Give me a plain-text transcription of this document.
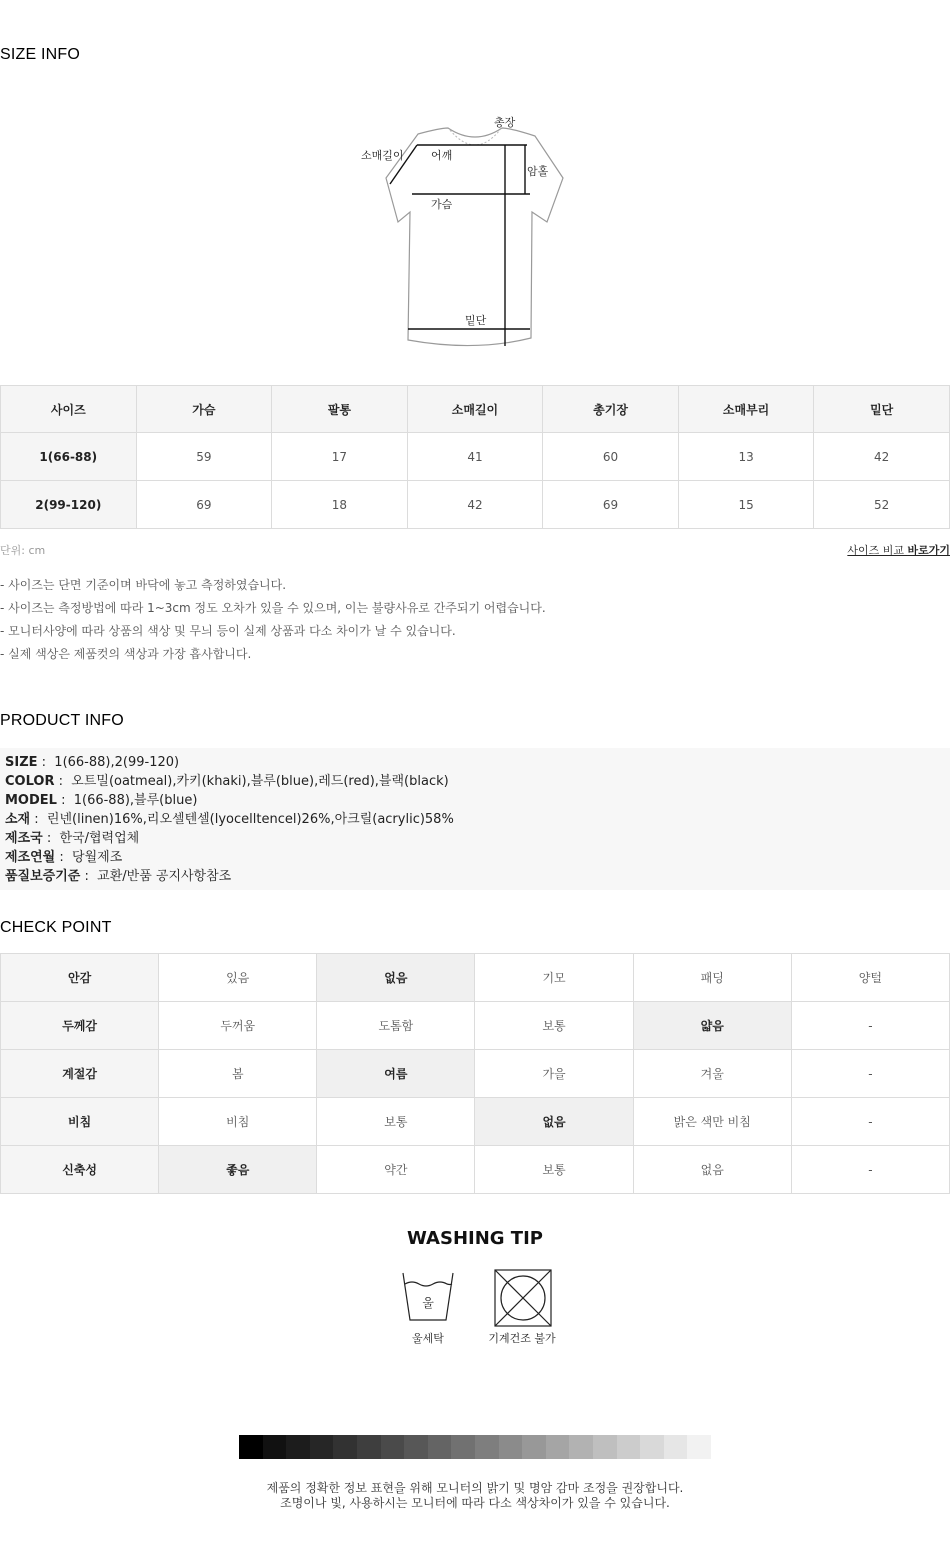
SIZE INFO
총장
소매길이 어깨
암홀
가슴
밑단
사이즈	가슴	팔통	소매길이	총기장	소매부리	밑단
1(66-88)	59	17	41	60	13	42
2(99-120)	69	18	42	69	15	52
단위: cm	사이즈 비교 바로가기
- 사이즈는 단면 기준이며 바닥에 놓고 측정하였습니다.
- 사이즈는 측정방법에 따라 1~3cm 정도 오차가 있을 수 있으며, 이는 불량사유로 간주되기 어렵습니다.
- 모니터사양에 따라 상품의 색상 및 무늬 등이 실제 상품과 다소 차이가 날 수 있습니다.
- 실제 색상은 제품컷의 색상과 가장 흡사합니다.
PRODUCT INFO
SIZE :  1(66-88),2(99-120)
COLOR :  오트밀(oatmeal),카키(khaki),블루(blue),레드(red),블랙(black)
MODEL :  1(66-88),블루(blue)
소재 :  린넨(linen)16%,리오셀텐셀(lyocelltencel)26%,아크릴(acrylic)58%
제조국 :  한국/협력업체
제조연월 :  당월제조
품질보증기준 :  교환/반품 공지사항참조
CHECK POINT
안감	있음	없음	기모	패딩	양털
두께감	두꺼움	도톰함	보통	얇음	-
계절감	봄	여름	가을	겨울	-
비침	비침	보통	없음	밝은 색만 비침	-
신축성	좋음	약간	보통	없음	-
WASHING TIP
울
울세탁	기계건조 불가
제품의 정확한 정보 표현을 위해 모니터의 밝기 및 명암 감마 조정을 권장합니다.
조명이나 빛, 사용하시는 모니터에 따라 다소 색상차이가 있을 수 있습니다.
